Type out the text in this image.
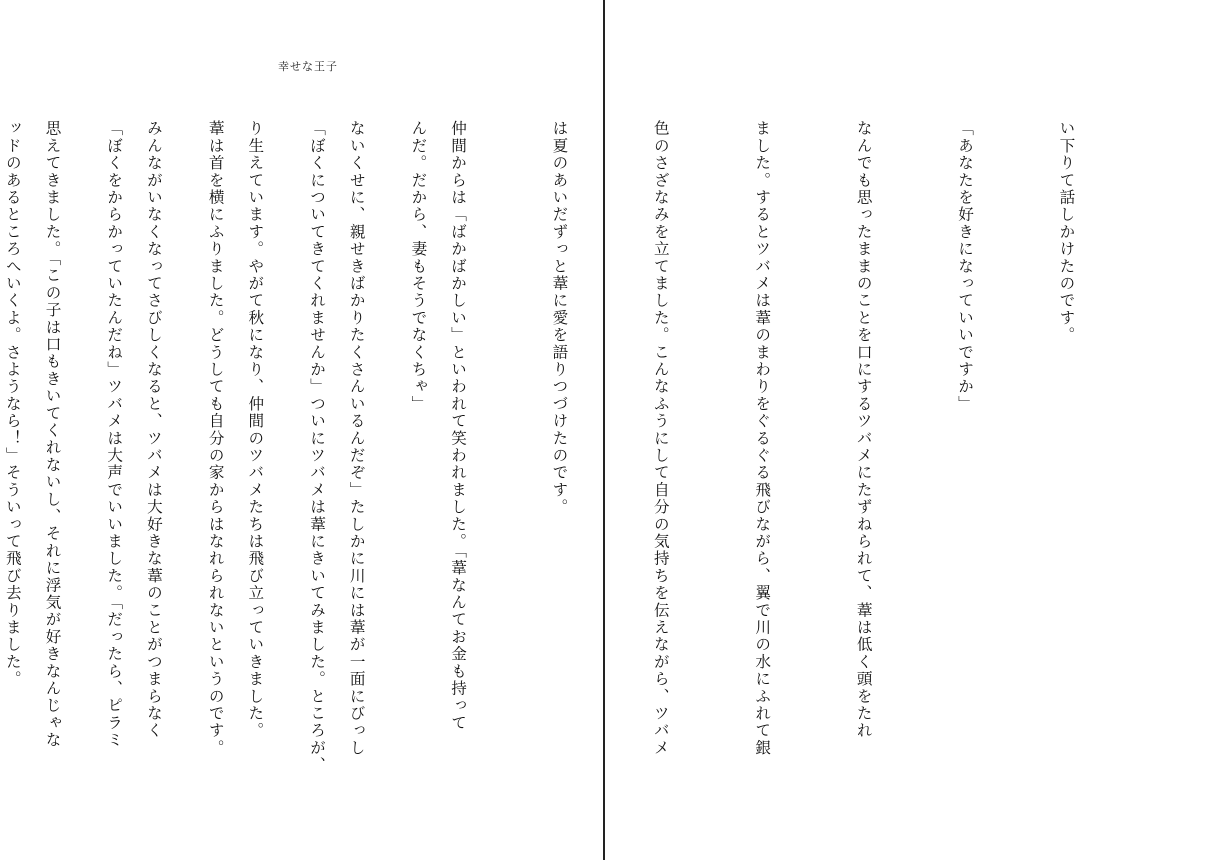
幸せな王子

んだ。だから、妻もそうでなくちゃ」

「ぼくについてきてくれませんか」ついにツバメは葦にきいてみました。ところが、

葦は首を横にふりました。どうしても自分の家からはなれられないというのです。

「ぼくをからかっていたんだね」ツバメは大声でいいました。「だったら、ピラミ

ッドのあるところへいくよ。さようなら！」そういって飛び去りました。

	い下りて話しかけたのです。

「あなたを好きになっていいですか」

なんでも思ったままのことを口にするツバメにたずねられて、葦は低く頭をたれ

ました。するとツバメは葦のまわりをぐるぐる飛びながら、翼で川の水にふれて銀

色のさざなみを立てました。こんなふうにして自分の気持ちを伝えながら、ツバメ

は夏のあいだずっと葦に愛を語りつづけたのです。

仲間からは「ばかばかしい」といわれて笑われました。「葦なんてお金も持って

ないくせに、親せきばかりたくさんいるんだぞ」たしかに川には葦が一面にびっし

り生えています。やがて秋になり、仲間のツバメたちは飛び立っていきました。

みんながいなくなってさびしくなると、ツバメは大好きな葦のことがつまらなく

思えてきました。「この子は口もきいてくれないし、それに浮気が好きなんじゃな
